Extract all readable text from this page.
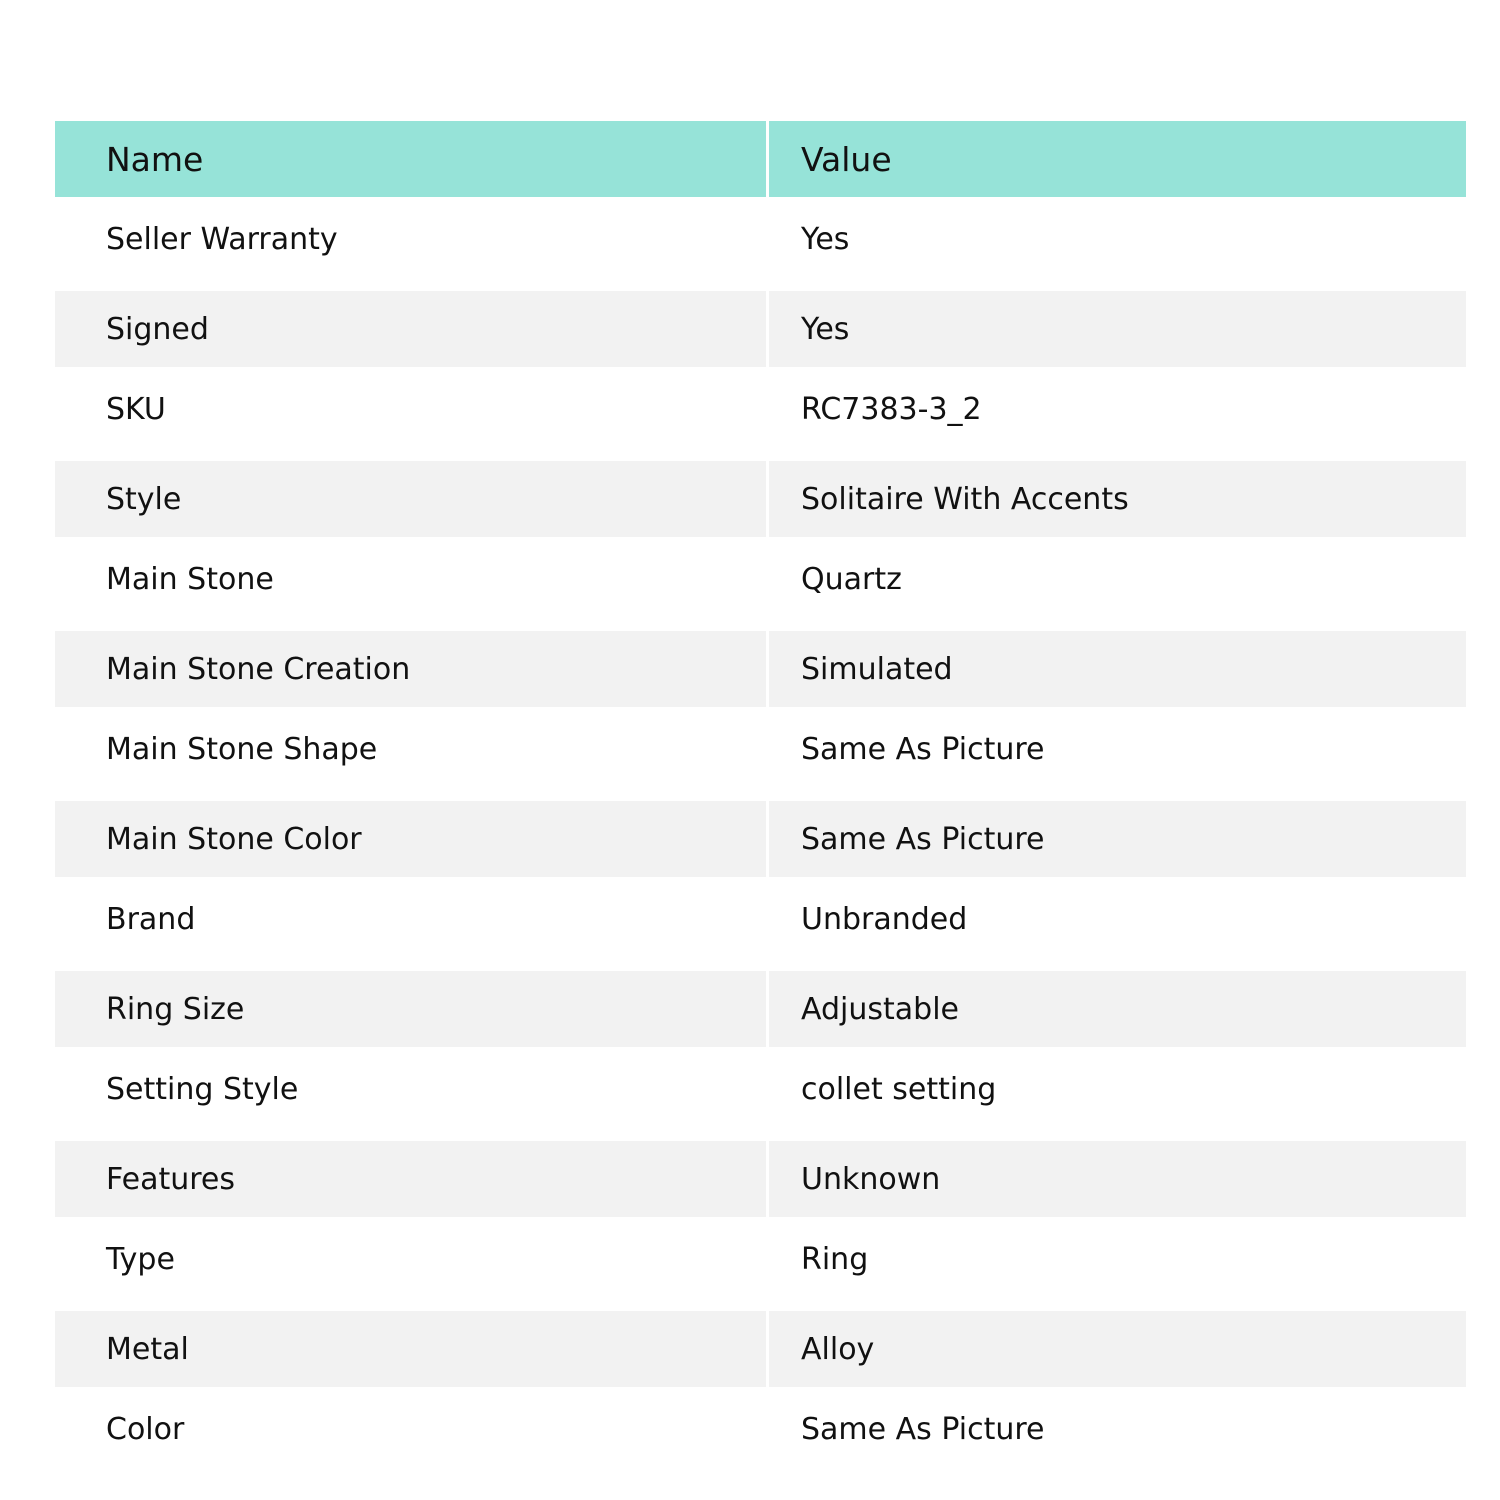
Name	Value
Seller Warranty	Yes
Signed	Yes
SKU	RC7383-3_2
Style	Solitaire With Accents
Main Stone	Quartz
Main Stone Creation	Simulated
Main Stone Shape	Same As Picture
Main Stone Color	Same As Picture
Brand	Unbranded
Ring Size	Adjustable
Setting Style	collet setting
Features	Unknown
Type	Ring
Metal	Alloy
Color	Same As Picture
